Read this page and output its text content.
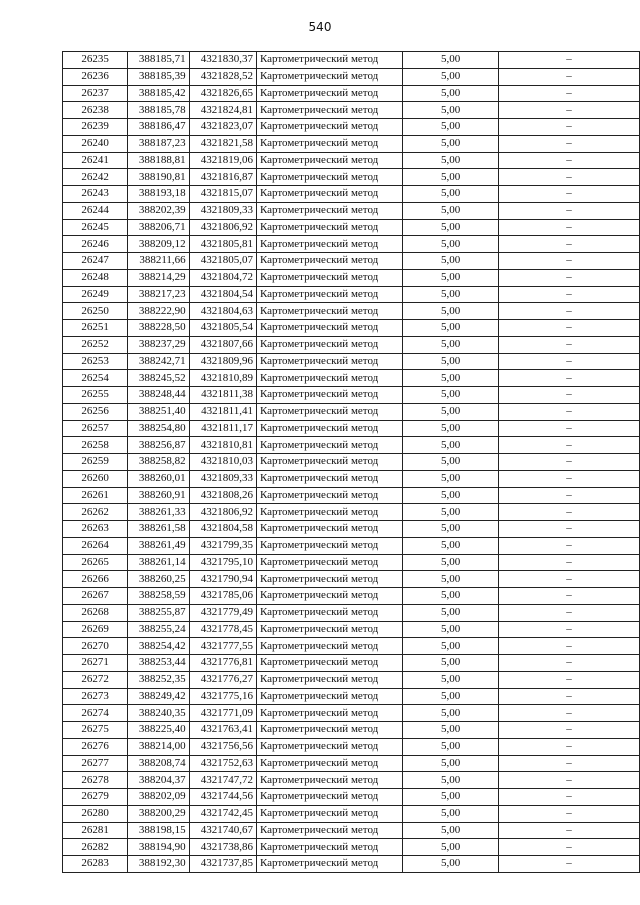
540
26235	388185,71	4321830,37	Картометрический метод	5,00	–
26236	388185,39	4321828,52	Картометрический метод	5,00	–
26237	388185,42	4321826,65	Картометрический метод	5,00	–
26238	388185,78	4321824,81	Картометрический метод	5,00	–
26239	388186,47	4321823,07	Картометрический метод	5,00	–
26240	388187,23	4321821,58	Картометрический метод	5,00	–
26241	388188,81	4321819,06	Картометрический метод	5,00	–
26242	388190,81	4321816,87	Картометрический метод	5,00	–
26243	388193,18	4321815,07	Картометрический метод	5,00	–
26244	388202,39	4321809,33	Картометрический метод	5,00	–
26245	388206,71	4321806,92	Картометрический метод	5,00	–
26246	388209,12	4321805,81	Картометрический метод	5,00	–
26247	388211,66	4321805,07	Картометрический метод	5,00	–
26248	388214,29	4321804,72	Картометрический метод	5,00	–
26249	388217,23	4321804,54	Картометрический метод	5,00	–
26250	388222,90	4321804,63	Картометрический метод	5,00	–
26251	388228,50	4321805,54	Картометрический метод	5,00	–
26252	388237,29	4321807,66	Картометрический метод	5,00	–
26253	388242,71	4321809,96	Картометрический метод	5,00	–
26254	388245,52	4321810,89	Картометрический метод	5,00	–
26255	388248,44	4321811,38	Картометрический метод	5,00	–
26256	388251,40	4321811,41	Картометрический метод	5,00	–
26257	388254,80	4321811,17	Картометрический метод	5,00	–
26258	388256,87	4321810,81	Картометрический метод	5,00	–
26259	388258,82	4321810,03	Картометрический метод	5,00	–
26260	388260,01	4321809,33	Картометрический метод	5,00	–
26261	388260,91	4321808,26	Картометрический метод	5,00	–
26262	388261,33	4321806,92	Картометрический метод	5,00	–
26263	388261,58	4321804,58	Картометрический метод	5,00	–
26264	388261,49	4321799,35	Картометрический метод	5,00	–
26265	388261,14	4321795,10	Картометрический метод	5,00	–
26266	388260,25	4321790,94	Картометрический метод	5,00	–
26267	388258,59	4321785,06	Картометрический метод	5,00	–
26268	388255,87	4321779,49	Картометрический метод	5,00	–
26269	388255,24	4321778,45	Картометрический метод	5,00	–
26270	388254,42	4321777,55	Картометрический метод	5,00	–
26271	388253,44	4321776,81	Картометрический метод	5,00	–
26272	388252,35	4321776,27	Картометрический метод	5,00	–
26273	388249,42	4321775,16	Картометрический метод	5,00	–
26274	388240,35	4321771,09	Картометрический метод	5,00	–
26275	388225,40	4321763,41	Картометрический метод	5,00	–
26276	388214,00	4321756,56	Картометрический метод	5,00	–
26277	388208,74	4321752,63	Картометрический метод	5,00	–
26278	388204,37	4321747,72	Картометрический метод	5,00	–
26279	388202,09	4321744,56	Картометрический метод	5,00	–
26280	388200,29	4321742,45	Картометрический метод	5,00	–
26281	388198,15	4321740,67	Картометрический метод	5,00	–
26282	388194,90	4321738,86	Картометрический метод	5,00	–
26283	388192,30	4321737,85	Картометрический метод	5,00	–
